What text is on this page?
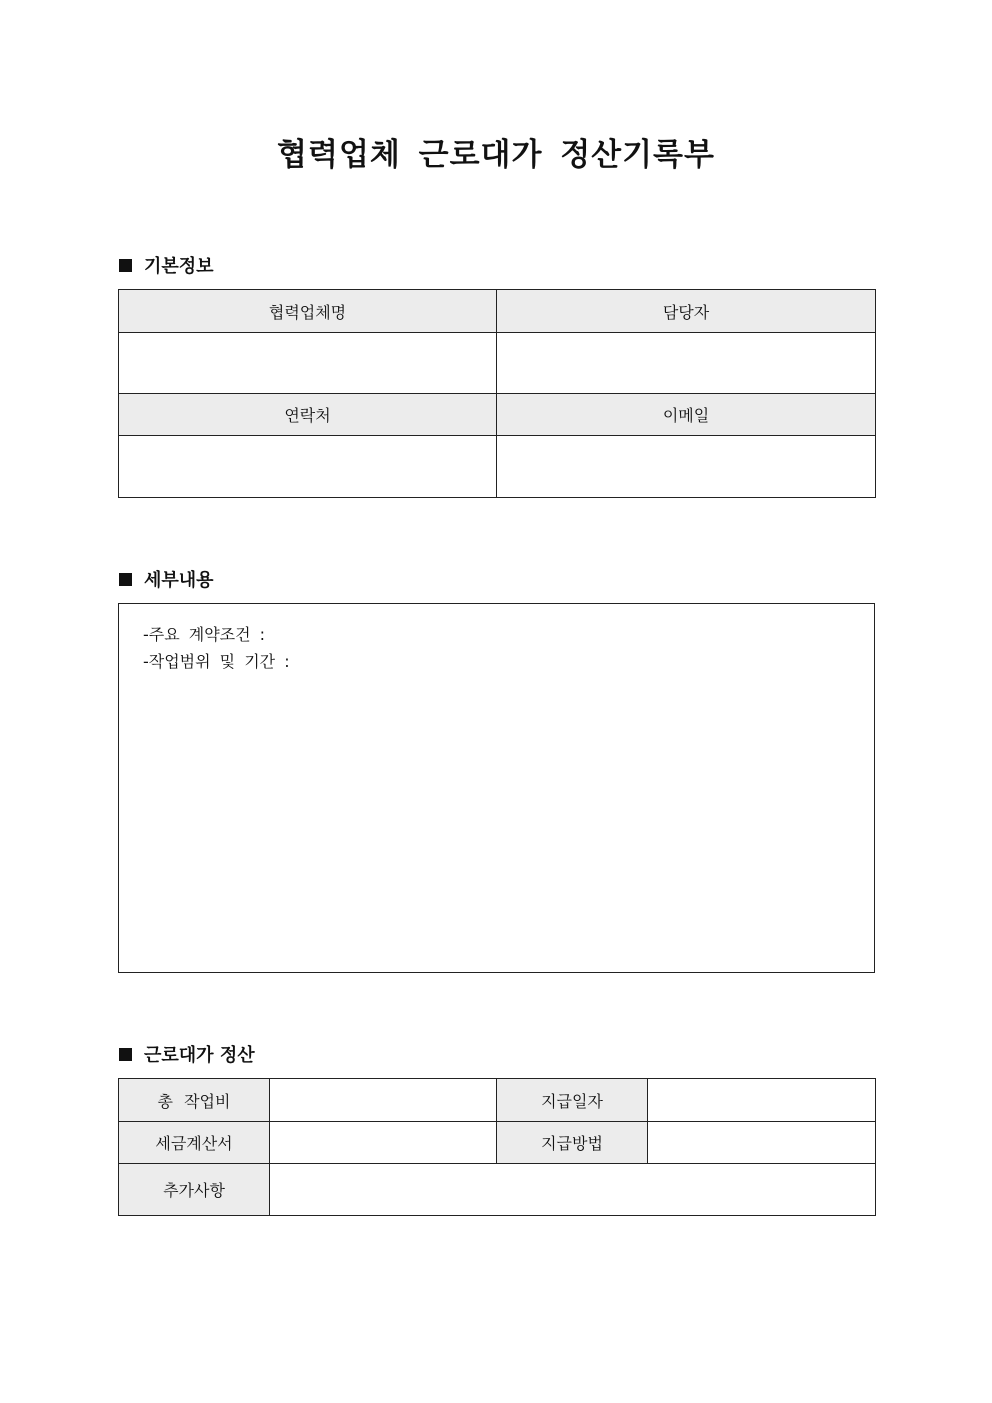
협력업체 근로대가 정산기록부
기본정보
협력업체명	담당자

연락처	이메일

세부내용
-주요 계약조건 :
-작업범위 및 기간 :
근로대가 정산
총 작업비		지급일자	
세금계산서		지급방법	
추가사항			
